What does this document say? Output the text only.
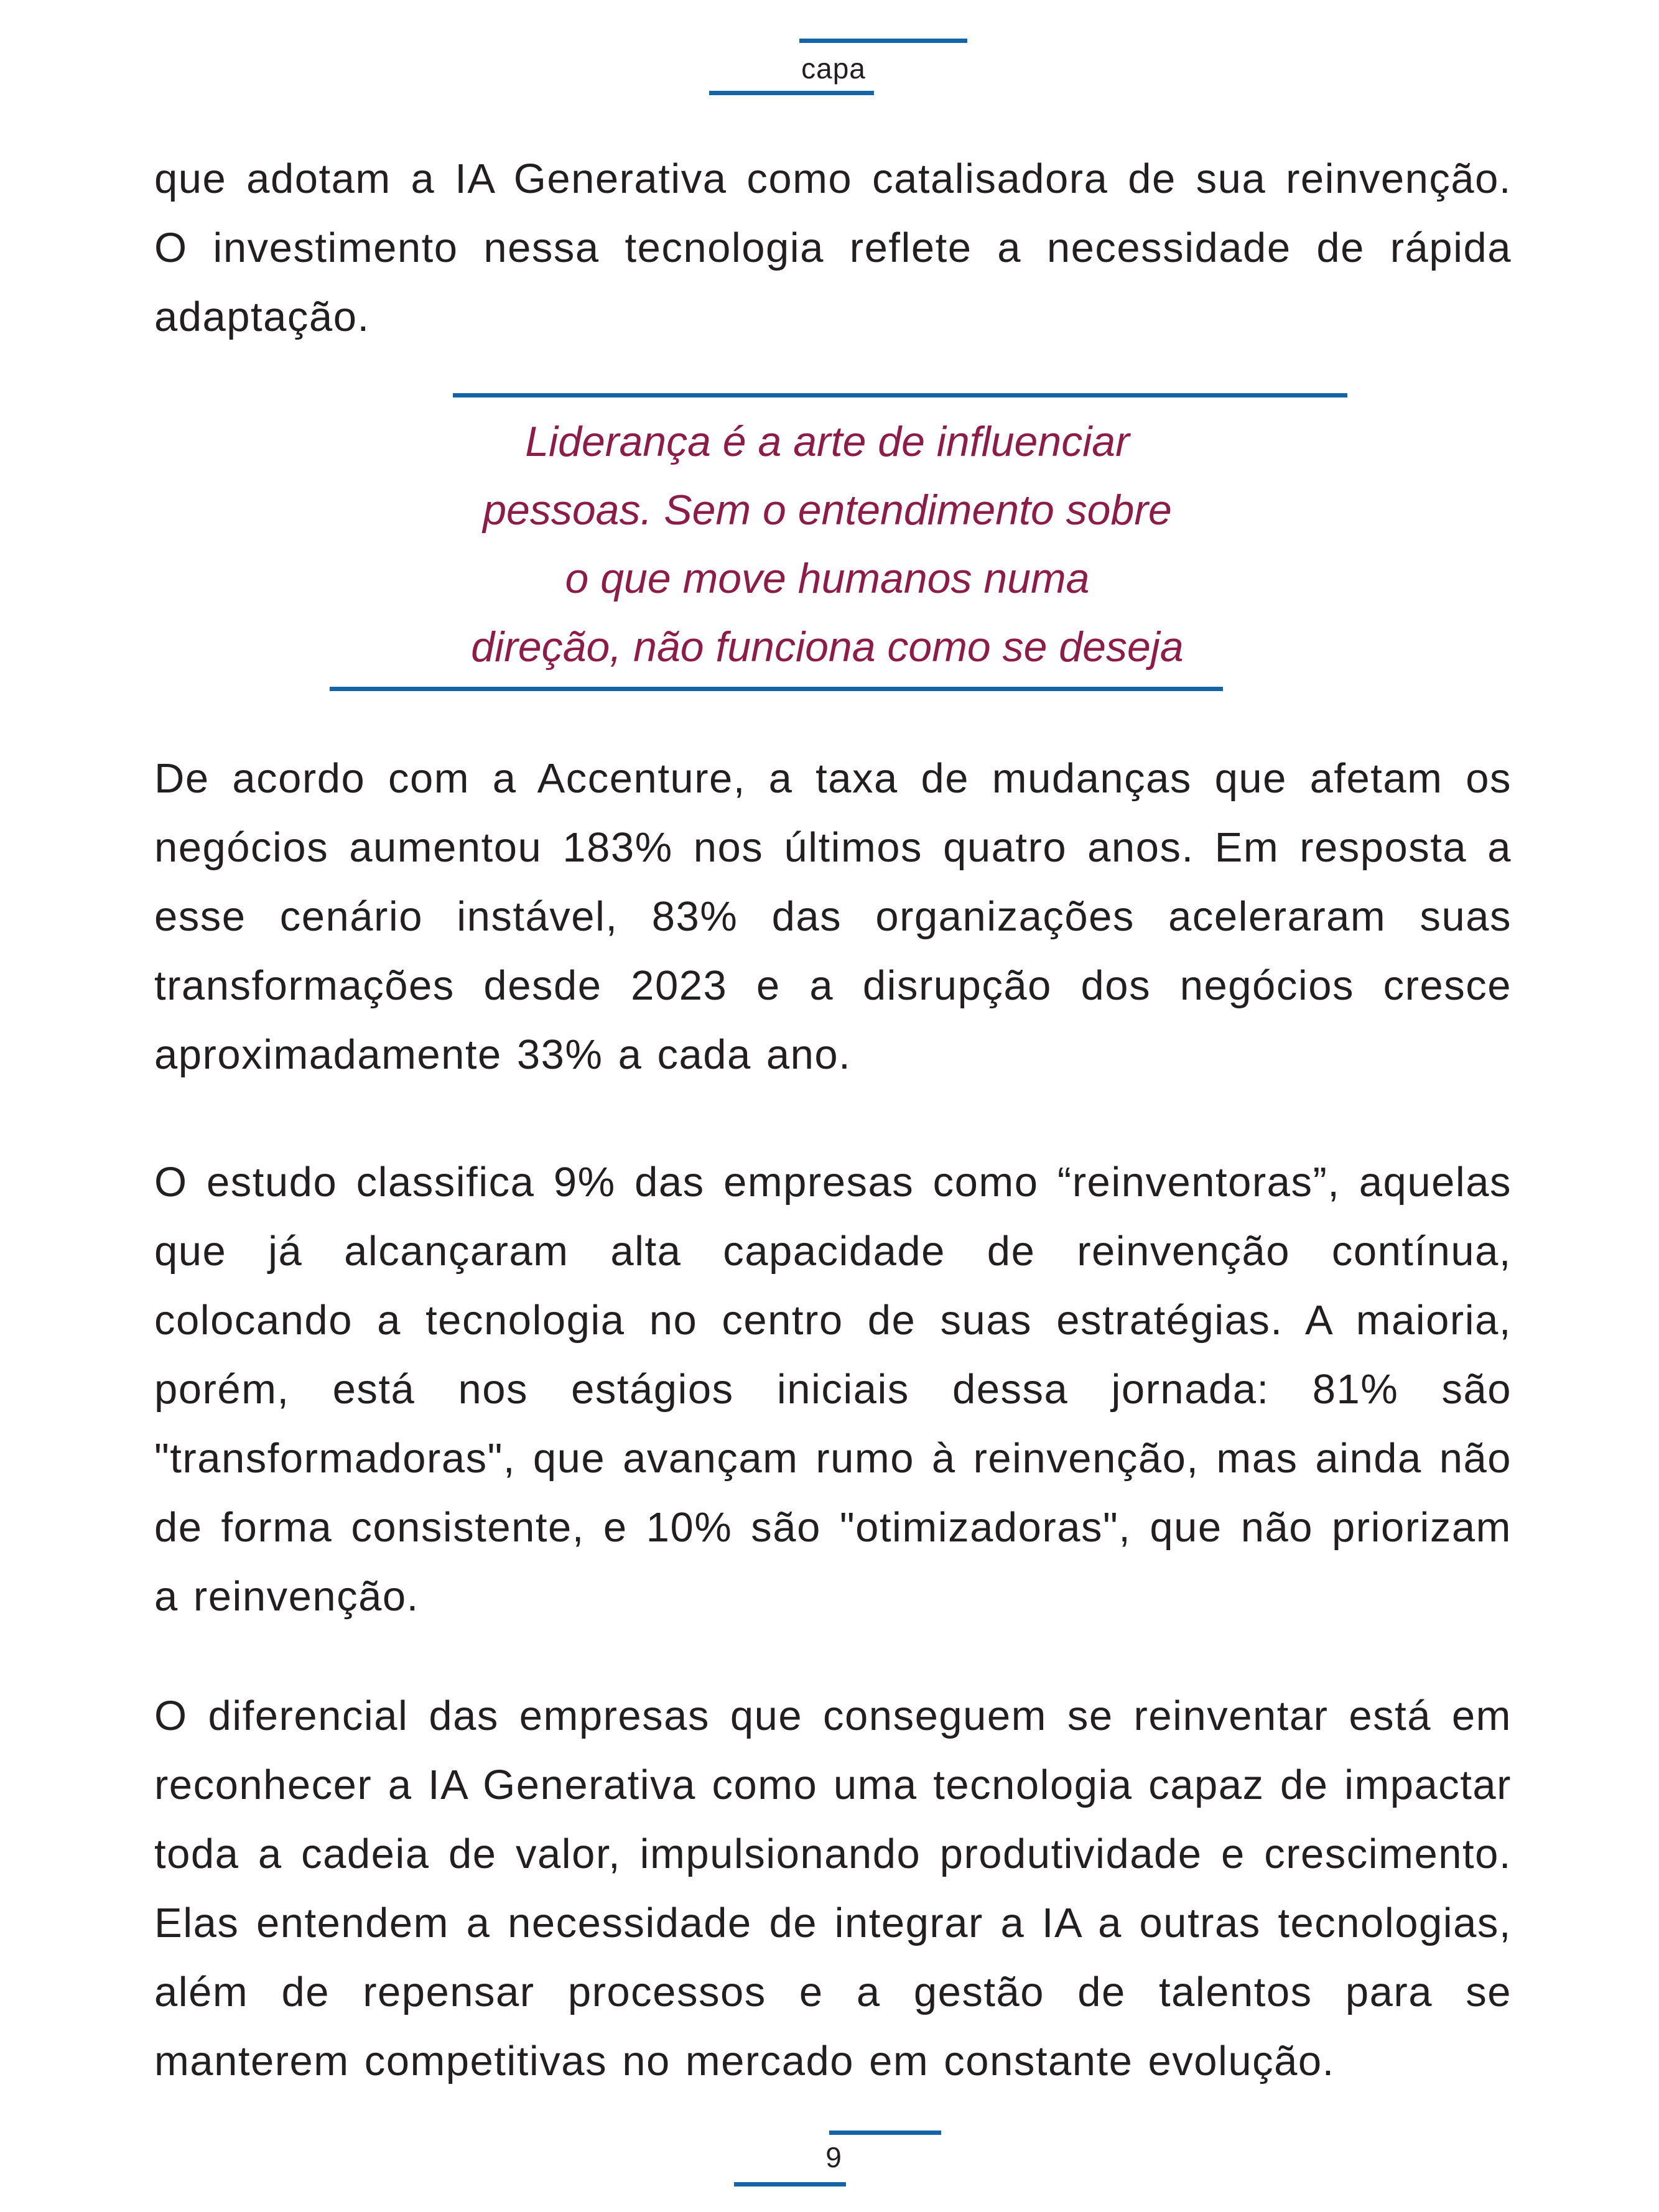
capa

que adotam a IA Generativa como catalisadora de sua reinvenção. O investimento nessa tecnologia reflete a necessidade de rápida adaptação.

Liderança é a arte de influenciar
pessoas. Sem o entendimento sobre
o que move humanos numa
direção, não funciona como se deseja

De acordo com a Accenture, a taxa de mudanças que afetam os negócios aumentou 183% nos últimos quatro anos. Em resposta a esse cenário instável, 83% das organizações aceleraram suas transformações desde 2023 e a disrupção dos negócios cresce aproximadamente 33% a cada ano.

O estudo classifica 9% das empresas como “reinventoras”, aquelas que já alcançaram alta capacidade de reinvenção contínua, colocando a tecnologia no centro de suas estratégias. A maioria, porém, está nos estágios iniciais dessa jornada: 81% são "transformadoras", que avançam rumo à reinvenção, mas ainda não de forma consistente, e 10% são "otimizadoras", que não priorizam a reinvenção.

O diferencial das empresas que conseguem se reinventar está em reconhecer a IA Generativa como uma tecnologia capaz de impactar toda a cadeia de valor, impulsionando produtividade e crescimento. Elas entendem a necessidade de integrar a IA a outras tecnologias, além de repensar processos e a gestão de talentos para se manterem competitivas no mercado em constante evolução.

9
